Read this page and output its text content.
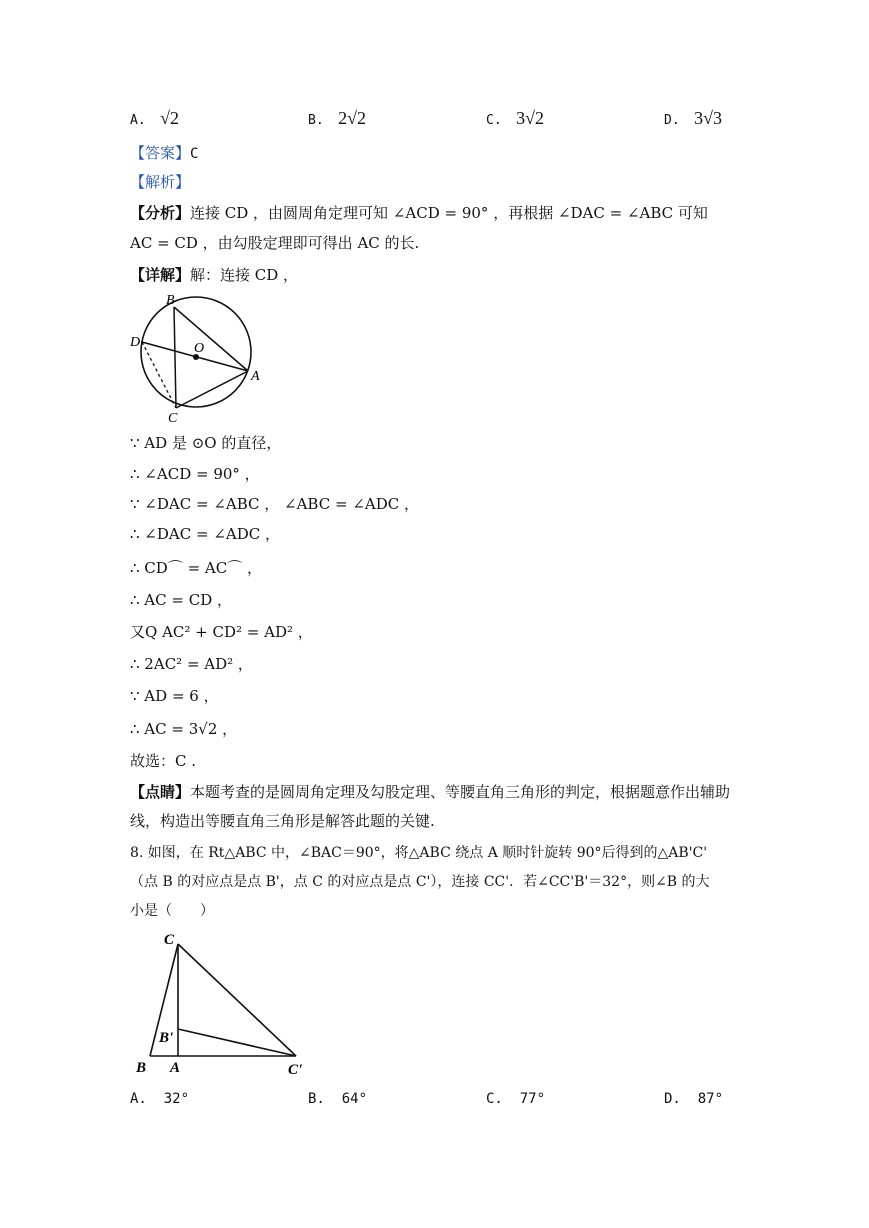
A. √2	B. 2√2	C. 3√2	D. 3√3
【答案】C
【解析】
【分析】连接 CD ，由圆周角定理可知 ∠ACD = 90° ，再根据 ∠DAC = ∠ABC 可知
AC = CD ，由勾股定理即可得出 AC 的长.
【详解】解：连接 CD ，
B
D	O
A
C
∵ AD 是 ⊙O 的直径，
∴ ∠ACD = 90° ，
∵ ∠DAC = ∠ABC ， ∠ABC = ∠ADC ，
∴ ∠DAC = ∠ADC ，
∴ CD⌒ = AC⌒ ，
∴ AC = CD ，
又Q AC² + CD² = AD² ，
∴ 2AC² = AD² ，
∵ AD = 6 ，
∴ AC = 3√2 ，
故选：C .
【点睛】本题考查的是圆周角定理及勾股定理、等腰直角三角形的判定，根据题意作出辅助
线，构造出等腰直角三角形是解答此题的关键.
8. 如图，在 Rt△ABC 中，∠BAC＝90°，将△ABC 绕点 A 顺时针旋转 90°后得到的△AB'C'
（点 B 的对应点是点 B'，点 C 的对应点是点 C'），连接 CC'．若∠CC'B'＝32°，则∠B 的大
小是（　　）
C
B'
B A	C'
A. 32°	B. 64°	C. 77°	D. 87°
